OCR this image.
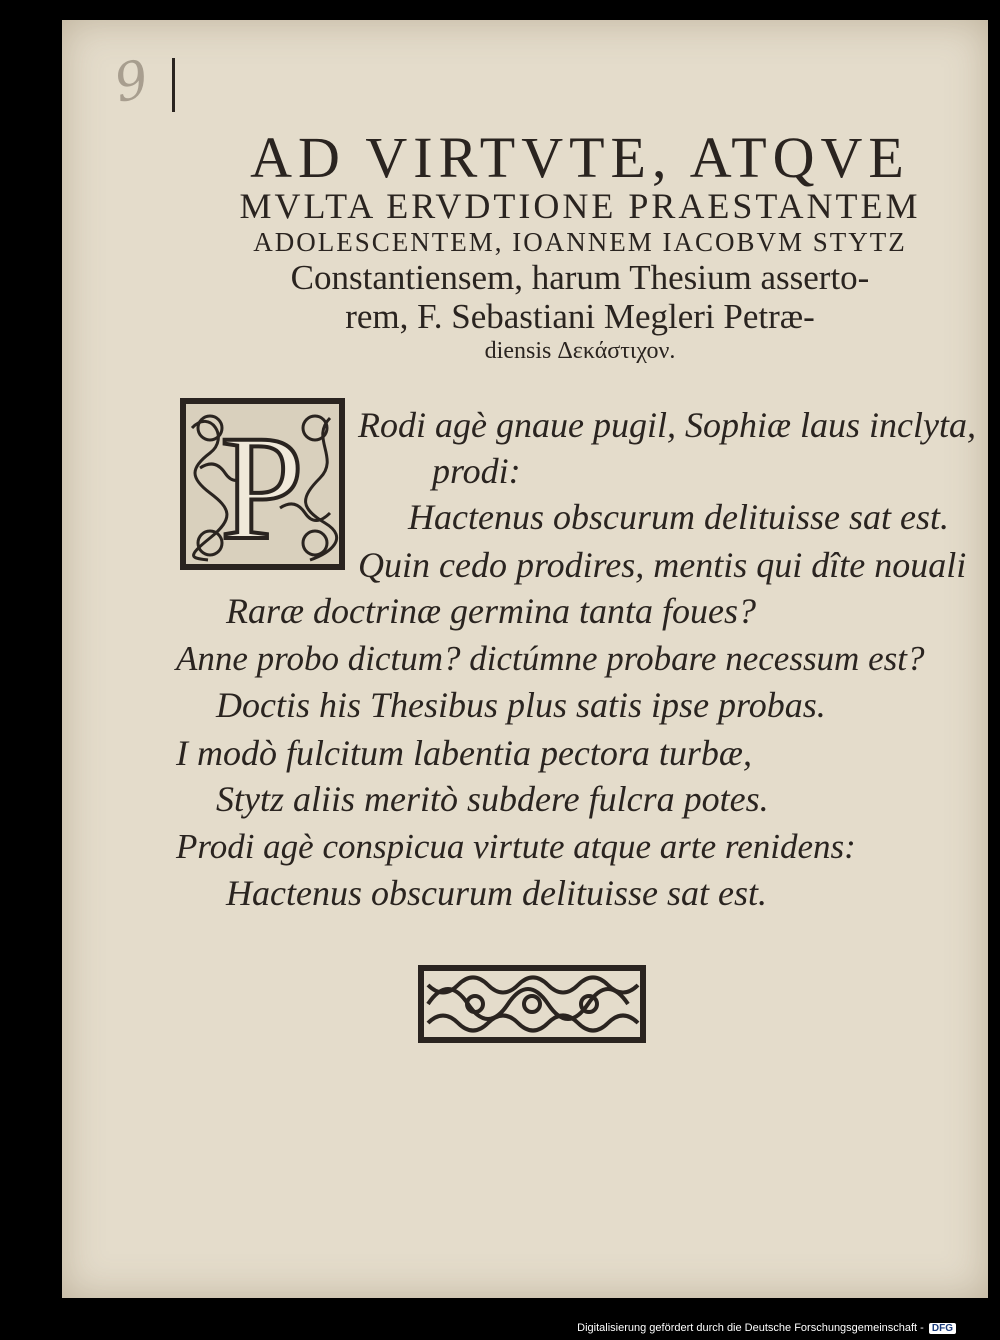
9
AD VIRTVTE, ATQVE
MVLTA ERVDTIONE PRAESTANTEM
ADOLESCENTEM, IOANNEM IACOBVM STYTZ
Constantiensem, harum Thesium asserto-
rem, F. Sebastiani Megleri Petræ-
diensis Δεκάστιχον.
P Rodi agè gnaue pugil, Sophiæ laus inclyta,
prodi:
Hactenus obscurum delituisse sat est.
Quin cedo prodires, mentis qui dîte nouali
Raræ doctrinæ germina tanta foues?
Anne probo dictum? dictúmne probare necessum est?
Doctis his Thesibus plus satis ipse probas.
I modò fulcitum labentia pectora turbæ,
Stytz aliis meritò subdere fulcra potes.
Prodi agè conspicua virtute atque arte renidens:
Hactenus obscurum delituisse sat est.
Digitalisierung gefördert durch die Deutsche Forschungsgemeinschaft - DFG
